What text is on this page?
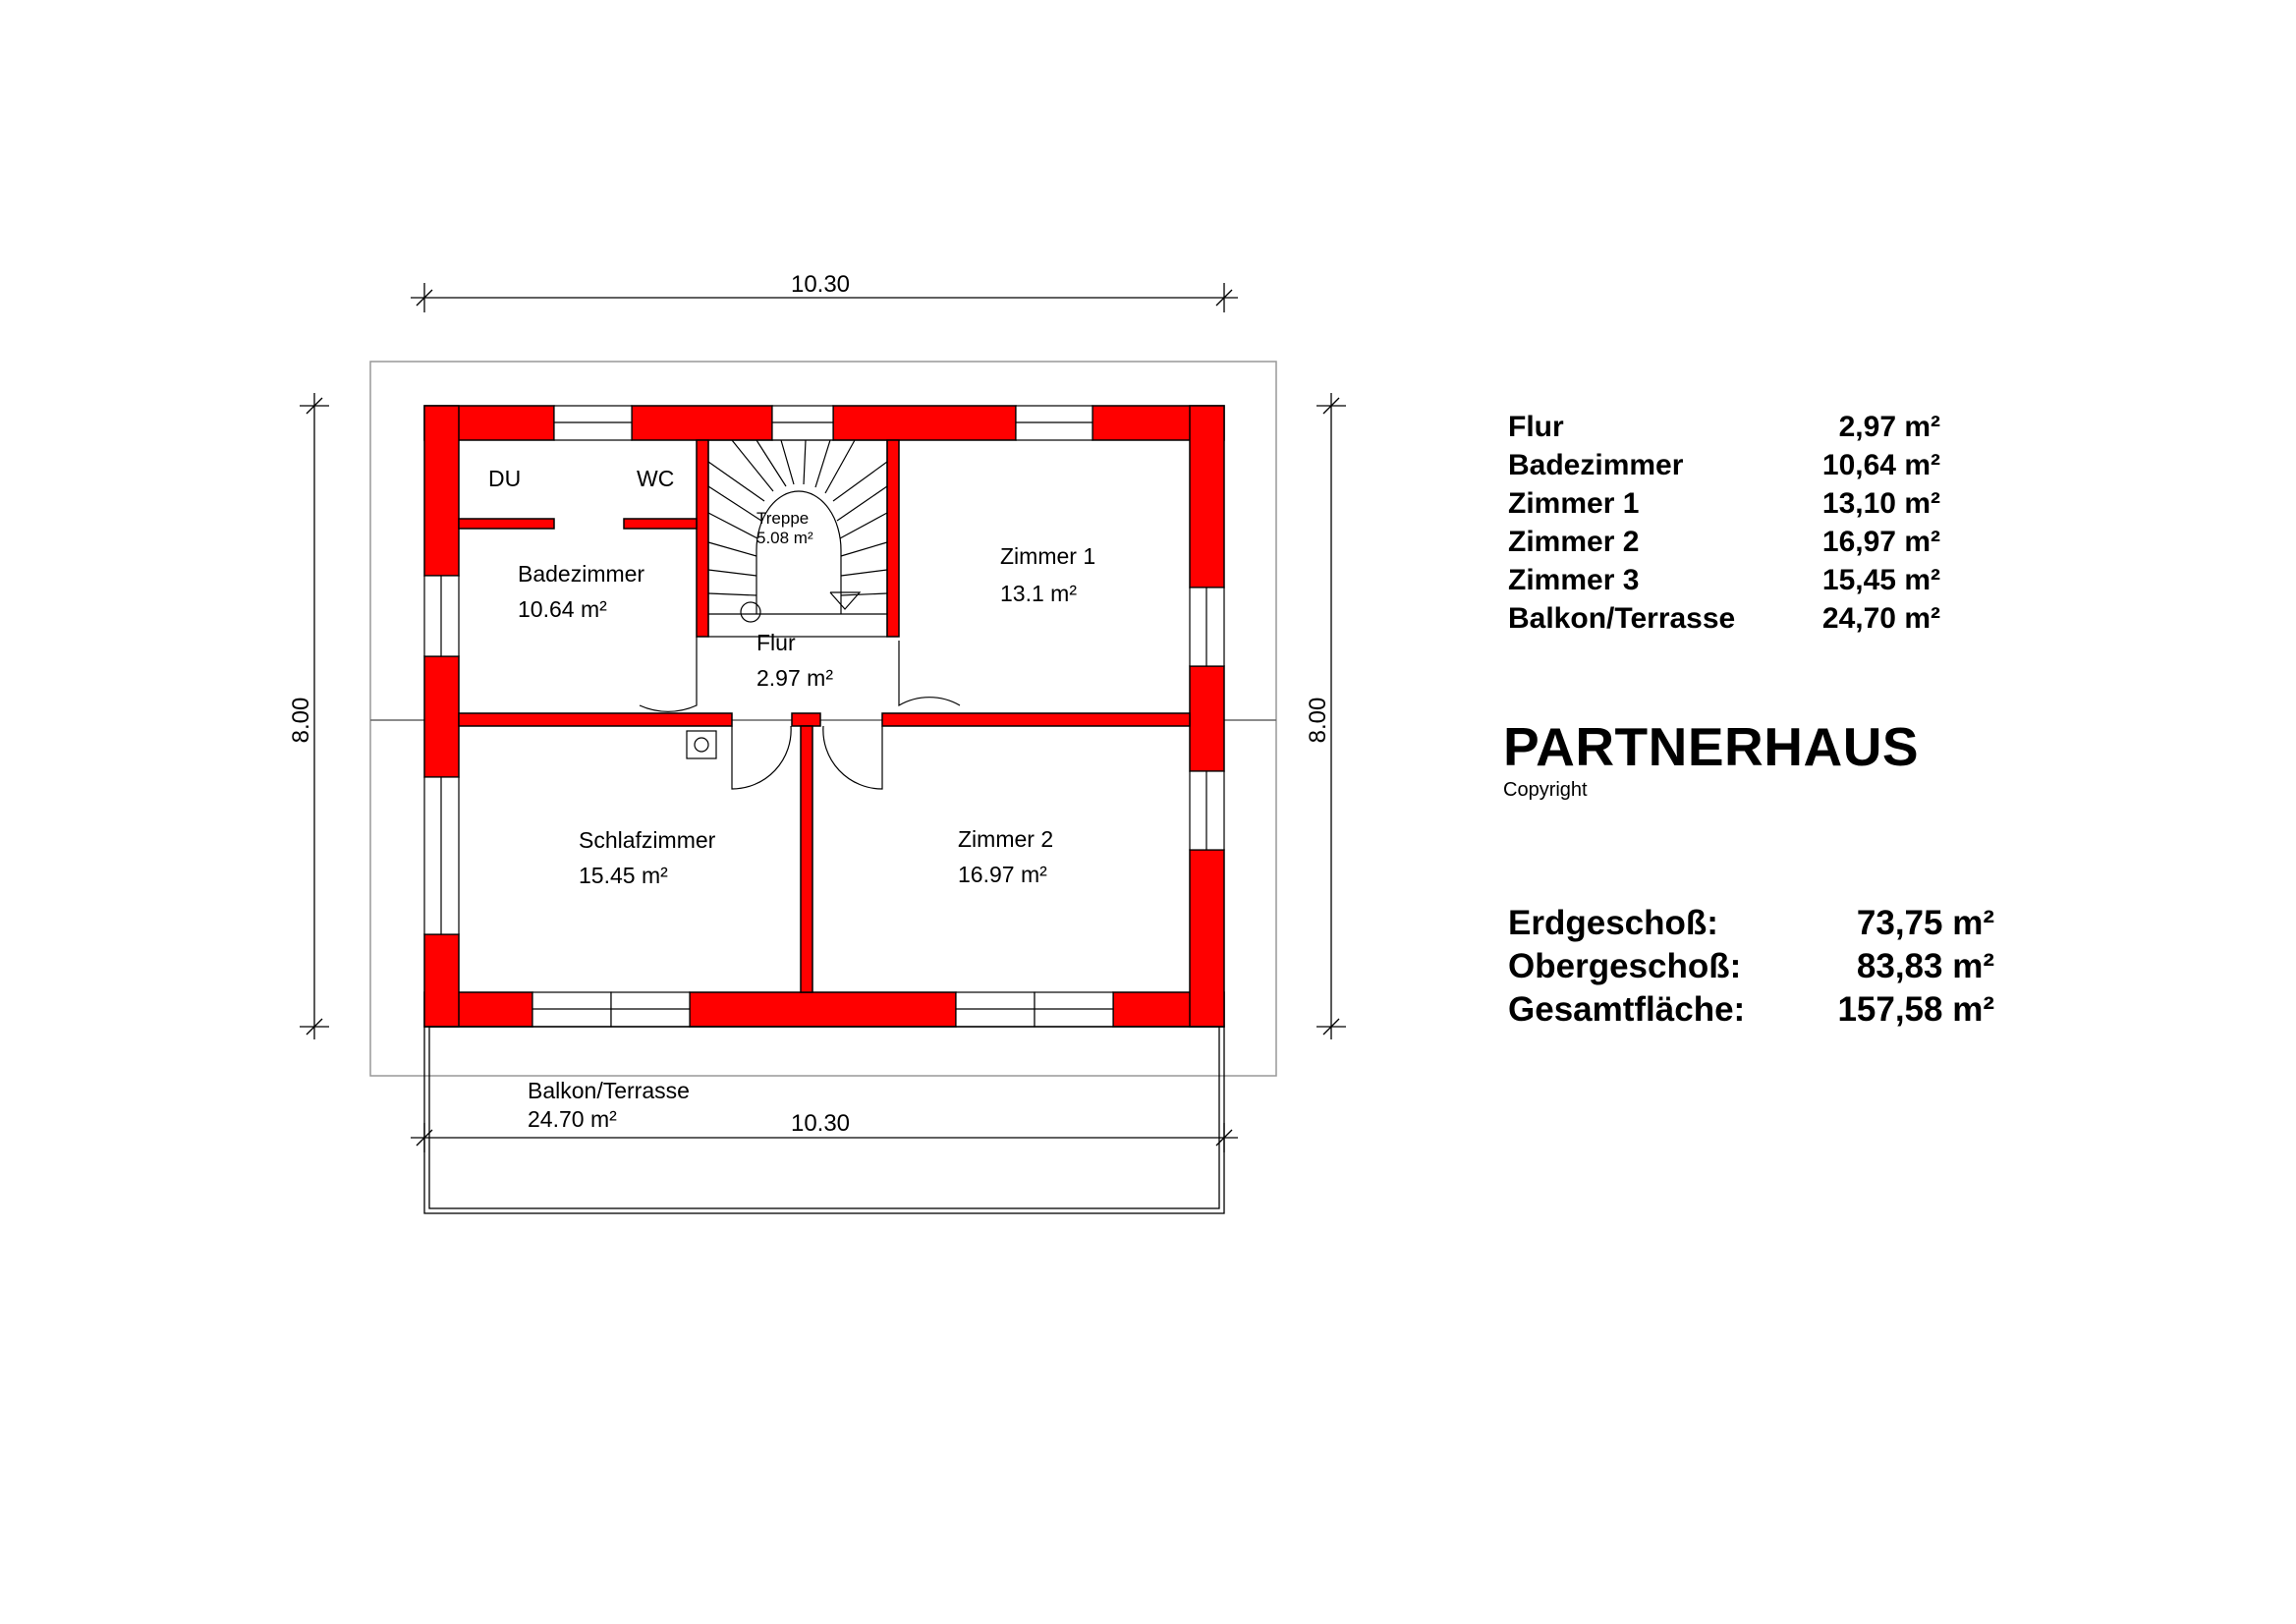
10.30
10.30
8.00	8.00
DU	WC
Badezimmer
10.64 m²
Treppe
5.08 m²
Flur
2.97 m²
Zimmer 1
13.1 m²
Schlafzimmer
15.45 m²
Zimmer 2
16.97 m²
Balkon/Terrasse
24.70 m²
Flur	2,97 m²
Badezimmer	10,64 m²
Zimmer 1	13,10 m²
Zimmer 2	16,97 m²
Zimmer 3	15,45 m²
Balkon/Terrasse	24,70 m²
PARTNERHAUS
Copyright
Erdgeschoß:	73,75 m²
Obergeschoß:	83,83 m²
Gesamtfläche:	157,58 m²
